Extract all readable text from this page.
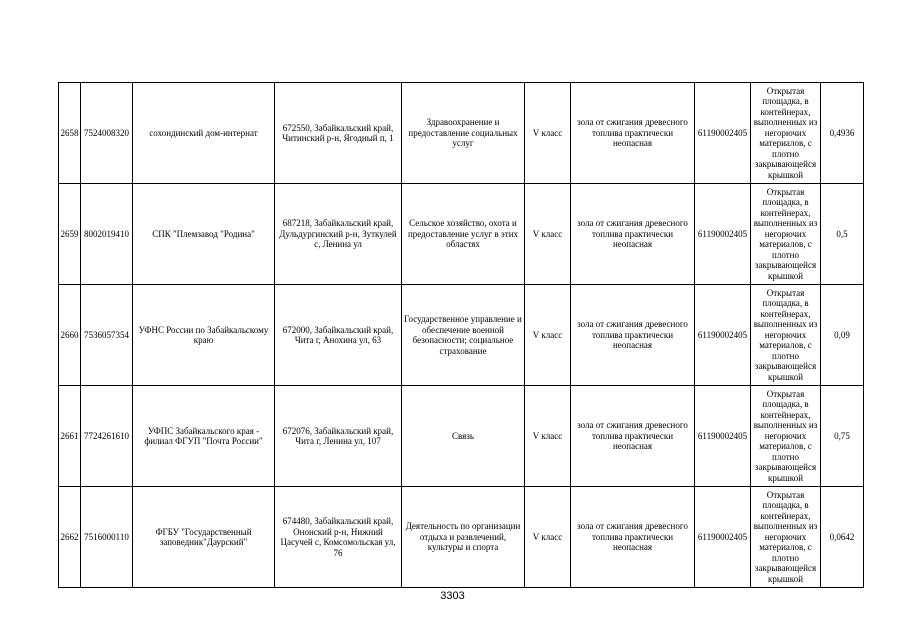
2658	7524008320	сохондинский дом-интернат	672550, Забайкальский край, Читинский р-н, Ягодный п, 1	Здравоохранение и предоставление социальных услуг	V класс	зола от сжигания древесного топлива практически неопасная	61190002405	Открытая площадка, в контейнерах, выполненных из негорючих материалов, с плотно закрывающейся крышкой	0,4936
2659	8002019410	СПК "Племзавод "Родина"	687218, Забайкальский край, Дульдургинский р-н, Зуткулей с, Ленина ул	Сельское хозяйство, охота и предоставление услуг в этих областях	V класс	зола от сжигания древесного топлива практически неопасная	61190002405	Открытая площадка, в контейнерах, выполненных из негорючих материалов, с плотно закрывающейся крышкой	0,5
2660	7536057354	УФНС России по Забайкальскому краю	672000, Забайкальский край, Чита г, Анохина ул, 63	Государственное управление и обеспечение военной безопасности; социальное страхование	V класс	зола от сжигания древесного топлива практически неопасная	61190002405	Открытая площадка, в контейнерах, выполненных из негорючих материалов, с плотно закрывающейся крышкой	0,09
2661	7724261610	УФПС Забайкальского края - филиал ФГУП "Почта России"	672076, Забайкальский край, Чита г, Ленина ул, 107	Связь	V класс	зола от сжигания древесного топлива практически неопасная	61190002405	Открытая площадка, в контейнерах, выполненных из негорючих материалов, с плотно закрывающейся крышкой	0,75
2662	7516000110	ФГБУ "Государственный заповедник"Даурский"	674480, Забайкальский край, Ононский р-н, Нижний Цасучей с, Комсомольская ул, 76	Деятельность по организации отдыха и развлечений, культуры и спорта	V класс	зола от сжигания древесного топлива практически неопасная	61190002405	Открытая площадка, в контейнерах, выполненных из негорючих материалов, с плотно закрывающейся крышкой	0,0642
3303
